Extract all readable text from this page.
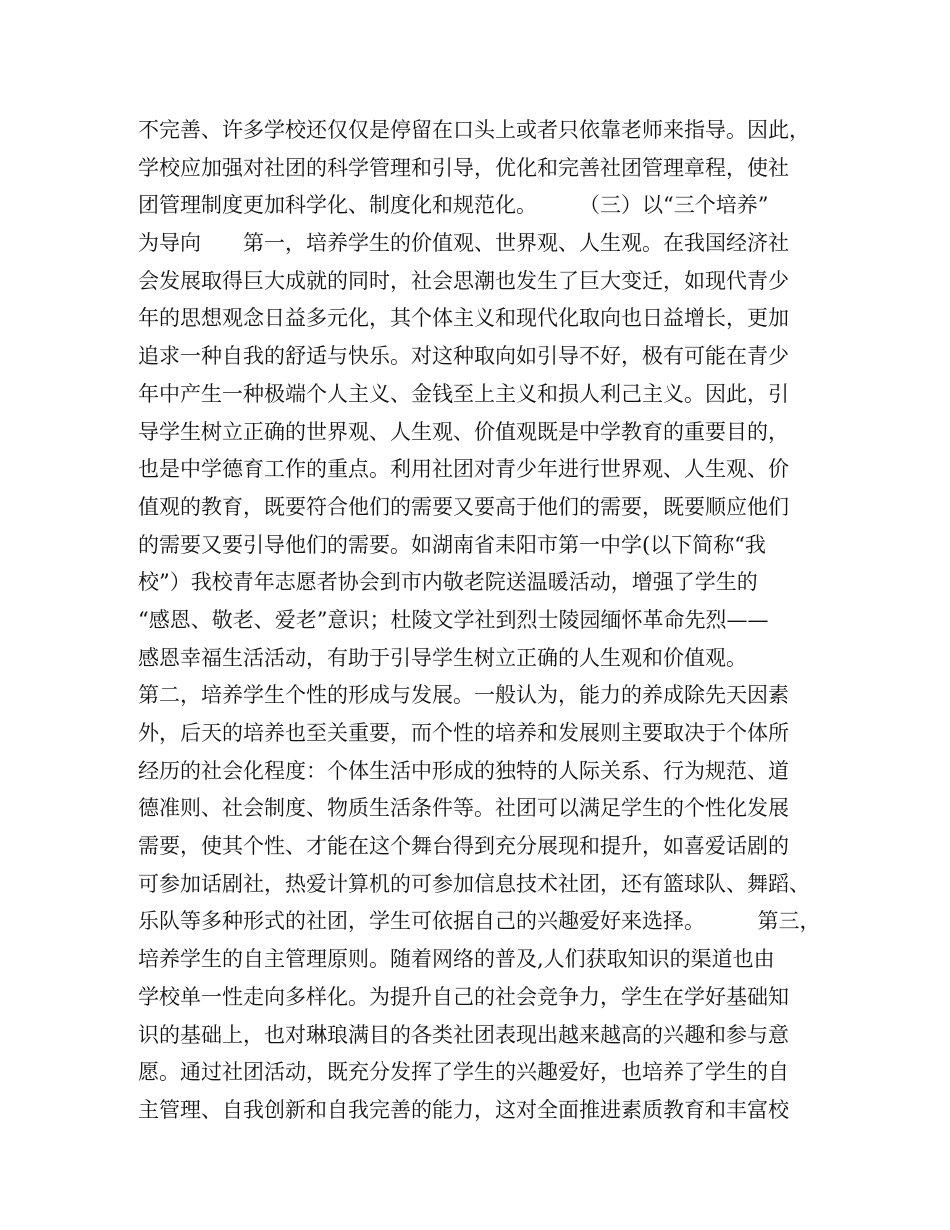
不完善、许多学校还仅仅是停留在口头上或者只依靠老师来指导。因此，
学校应加强对社团的科学管理和引导，优化和完善社团管理章程，使社
团管理制度更加科学化、制度化和规范化。　　　（三）以“三个培养”
为导向　　第一，培养学生的价值观、世界观、人生观。在我国经济社
会发展取得巨大成就的同时，社会思潮也发生了巨大变迁，如现代青少
年的思想观念日益多元化，其个体主义和现代化取向也日益增长，更加
追求一种自我的舒适与快乐。对这种取向如引导不好，极有可能在青少
年中产生一种极端个人主义、金钱至上主义和损人利己主义。因此，引
导学生树立正确的世界观、人生观、价值观既是中学教育的重要目的，
也是中学德育工作的重点。利用社团对青少年进行世界观、人生观、价
值观的教育，既要符合他们的需要又要高于他们的需要，既要顺应他们
的需要又要引导他们的需要。如湖南省耒阳市第一中学(以下简称“我
校”）我校青年志愿者协会到市内敬老院送温暖活动，增强了学生的
“感恩、敬老、爱老”意识；杜陵文学社到烈士陵园缅怀革命先烈——
感恩幸福生活活动，有助于引导学生树立正确的人生观和价值观。　　
第二，培养学生个性的形成与发展。一般认为，能力的养成除先天因素
外，后天的培养也至关重要，而个性的培养和发展则主要取决于个体所
经历的社会化程度：个体生活中形成的独特的人际关系、行为规范、道
德准则、社会制度、物质生活条件等。社团可以满足学生的个性化发展
需要，使其个性、才能在这个舞台得到充分展现和提升，如喜爱话剧的
可参加话剧社，热爱计算机的可参加信息技术社团，还有篮球队、舞蹈、
乐队等多种形式的社团，学生可依据自己的兴趣爱好来选择。　　　第三，
培养学生的自主管理原则。随着网络的普及,人们获取知识的渠道也由
学校单一性走向多样化。为提升自己的社会竞争力，学生在学好基础知
识的基础上，也对琳琅满目的各类社团表现出越来越高的兴趣和参与意
愿。通过社团活动，既充分发挥了学生的兴趣爱好，也培养了学生的自
主管理、自我创新和自我完善的能力，这对全面推进素质教育和丰富校
